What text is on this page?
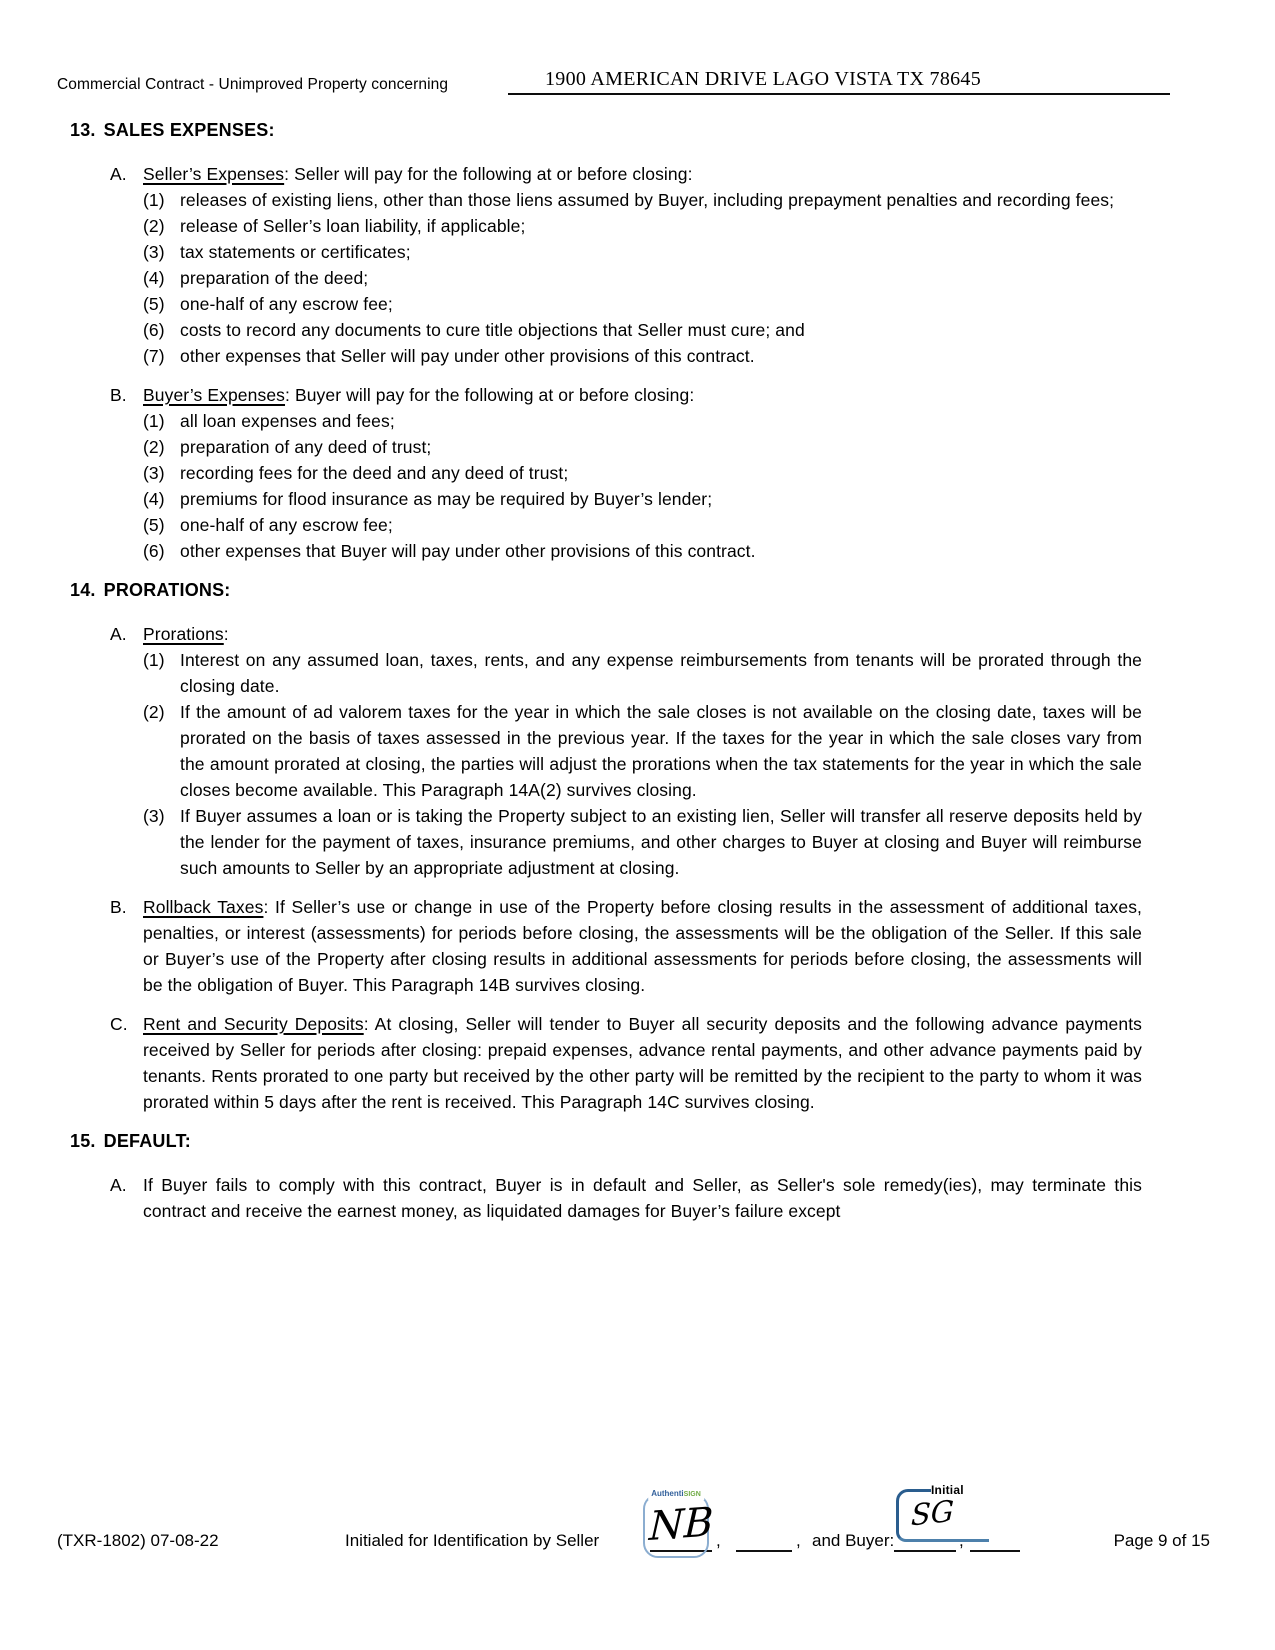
Commercial Contract - Unimproved Property concerning	1900 AMERICAN DRIVE LAGO VISTA TX 78645
13. SALES EXPENSES:
A. Seller’s Expenses: Seller will pay for the following at or before closing:
(1) releases of existing liens, other than those liens assumed by Buyer, including prepayment penalties and recording fees;
(2) release of Seller’s loan liability, if applicable;
(3) tax statements or certificates;
(4) preparation of the deed;
(5) one-half of any escrow fee;
(6) costs to record any documents to cure title objections that Seller must cure; and
(7) other expenses that Seller will pay under other provisions of this contract.
B. Buyer’s Expenses: Buyer will pay for the following at or before closing:
(1) all loan expenses and fees;
(2) preparation of any deed of trust;
(3) recording fees for the deed and any deed of trust;
(4) premiums for flood insurance as may be required by Buyer’s lender;
(5) one-half of any escrow fee;
(6) other expenses that Buyer will pay under other provisions of this contract.
14. PRORATIONS:
A. Prorations:
(1) Interest on any assumed loan, taxes, rents, and any expense reimbursements from tenants will be prorated through the closing date.
(2) If the amount of ad valorem taxes for the year in which the sale closes is not available on the closing date, taxes will be prorated on the basis of taxes assessed in the previous year. If the taxes for the year in which the sale closes vary from the amount prorated at closing, the parties will adjust the prorations when the tax statements for the year in which the sale closes become available. This Paragraph 14A(2) survives closing.
(3) If Buyer assumes a loan or is taking the Property subject to an existing lien, Seller will transfer all reserve deposits held by the lender for the payment of taxes, insurance premiums, and other charges to Buyer at closing and Buyer will reimburse such amounts to Seller by an appropriate adjustment at closing.
B. Rollback Taxes: If Seller’s use or change in use of the Property before closing results in the assessment of additional taxes, penalties, or interest (assessments) for periods before closing, the assessments will be the obligation of the Seller. If this sale or Buyer’s use of the Property after closing results in additional assessments for periods before closing, the assessments will be the obligation of Buyer. This Paragraph 14B survives closing.
C. Rent and Security Deposits: At closing, Seller will tender to Buyer all security deposits and the following advance payments received by Seller for periods after closing: prepaid expenses, advance rental payments, and other advance payments paid by tenants. Rents prorated to one party but received by the other party will be remitted by the recipient to the party to whom it was prorated within 5 days after the rent is received. This Paragraph 14C survives closing.
15. DEFAULT:
A. If Buyer fails to comply with this contract, Buyer is in default and Seller, as Seller's sole remedy(ies), may terminate this contract and receive the earnest money, as liquidated damages for Buyer’s failure except
(TXR-1802) 07-08-22	Initialed for Identification by Seller
AuthentiSIGN
NB ,	, and Buyer:
Initial
SG
,	Page 9 of 15
